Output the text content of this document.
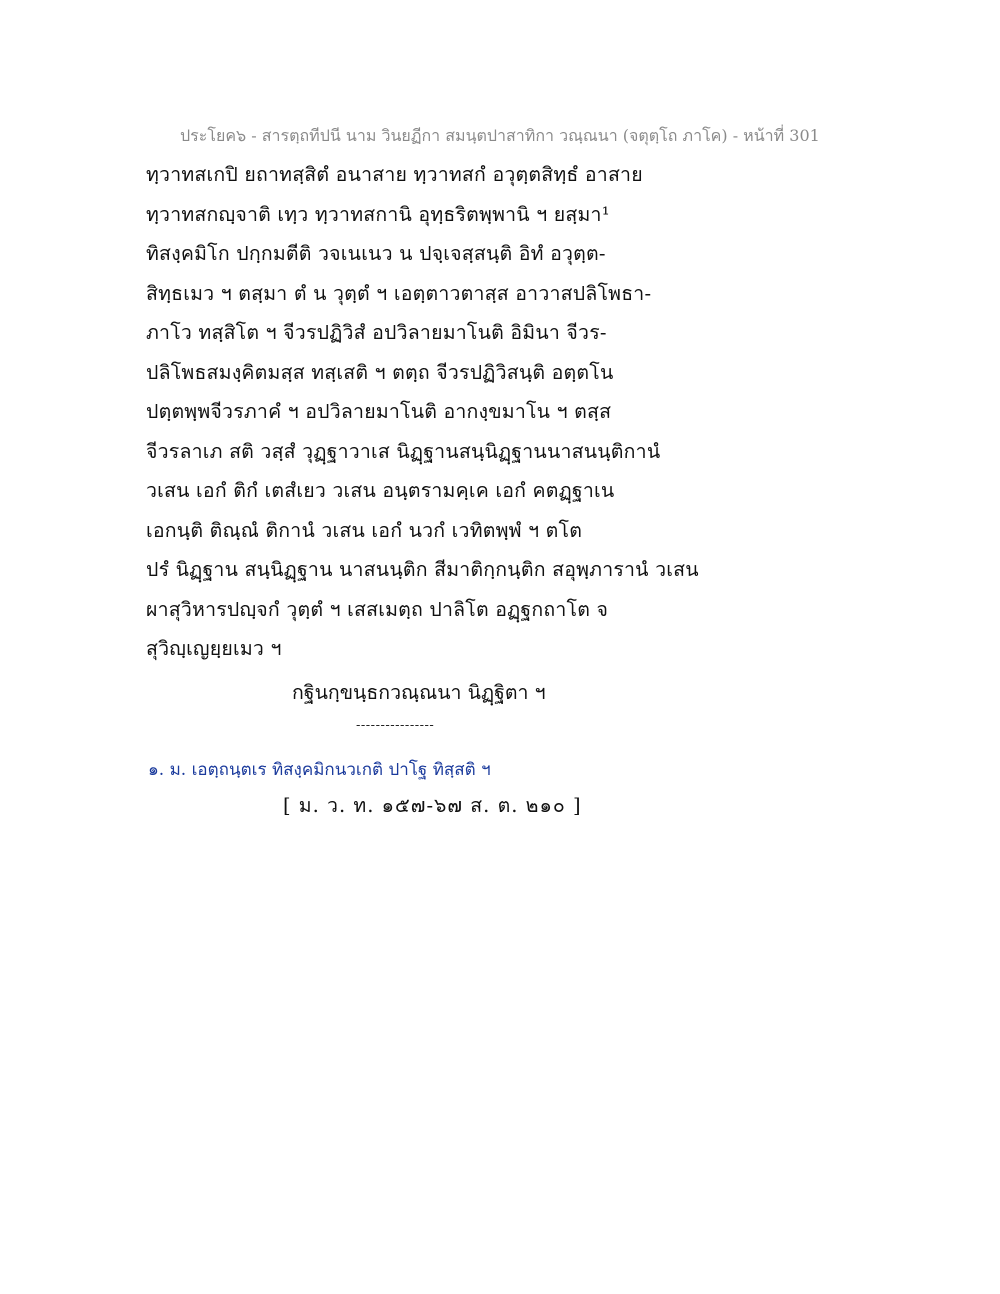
ประโยค๖ - สารตฺถทีปนี นาม วินยฏีกา สมนฺตปาสาทิกา วณฺณนา (จตุตฺโถ ภาโค) - หน้าที่ 301
ทฺวาทสเกปิ ยถาทสฺสิตํ อนาสาย ทฺวาทสกํ อวุตฺตสิทฺธํ อาสาย
ทฺวาทสกญฺจาติ เทฺว ทฺวาทสกานิ อุทฺธริตพฺพานิ ฯ ยสฺมา¹
ทิสงฺคมิโก ปกฺกมตีติ วจเนเนว น ปจฺเจสฺสนฺติ อิทํ อวุตฺต-
สิทฺธเมว ฯ ตสฺมา ตํ น วุตฺตํ ฯ เอตฺตาวตาสฺส อาวาสปลิโพธา-
ภาโว ทสฺสิโต ฯ จีวรปฏิวิสํ อปวิลายมาโนติ อิมินา จีวร-
ปลิโพธสมงฺคิตมสฺส ทสฺเสติ ฯ ตตฺถ จีวรปฏิวิสนฺติ อตฺตโน
ปตฺตพฺพจีวรภาคํ ฯ อปวิลายมาโนติ อากงฺขมาโน ฯ ตสฺส
จีวรลาเภ สติ วสฺสํ วุฏฺฐาวาเส นิฏฺฐานสนฺนิฏฺฐานนาสนนฺติกานํ
วเสน เอกํ ติกํ เตสํเยว วเสน อนฺตรามคฺเค เอกํ คตฏฺฐาเน
เอกนฺติ ติณฺณํ ติกานํ วเสน เอกํ นวกํ เวทิตพฺพํ ฯ ตโต
ปรํ นิฏฺฐาน สนฺนิฏฺฐาน นาสนนฺติก สีมาติกฺกนฺติก สอุพฺภารานํ วเสน
ผาสุวิหารปญฺจกํ วุตฺตํ ฯ เสสเมตฺถ ปาลิโต อฏฺฐกถาโต จ
สุวิญฺเญยฺยเมว ฯ
กฐินกฺขนฺธกวณฺณนา นิฏฺฐิตา ฯ
----------------
๑. ม. เอตฺถนฺตเร ทิสงฺคมิกนวเกติ ปาโฐ ทิสฺสติ ฯ
[ ม. ว. ท. ๑๕๗-๖๗ ส. ต. ๒๑๐ ]
